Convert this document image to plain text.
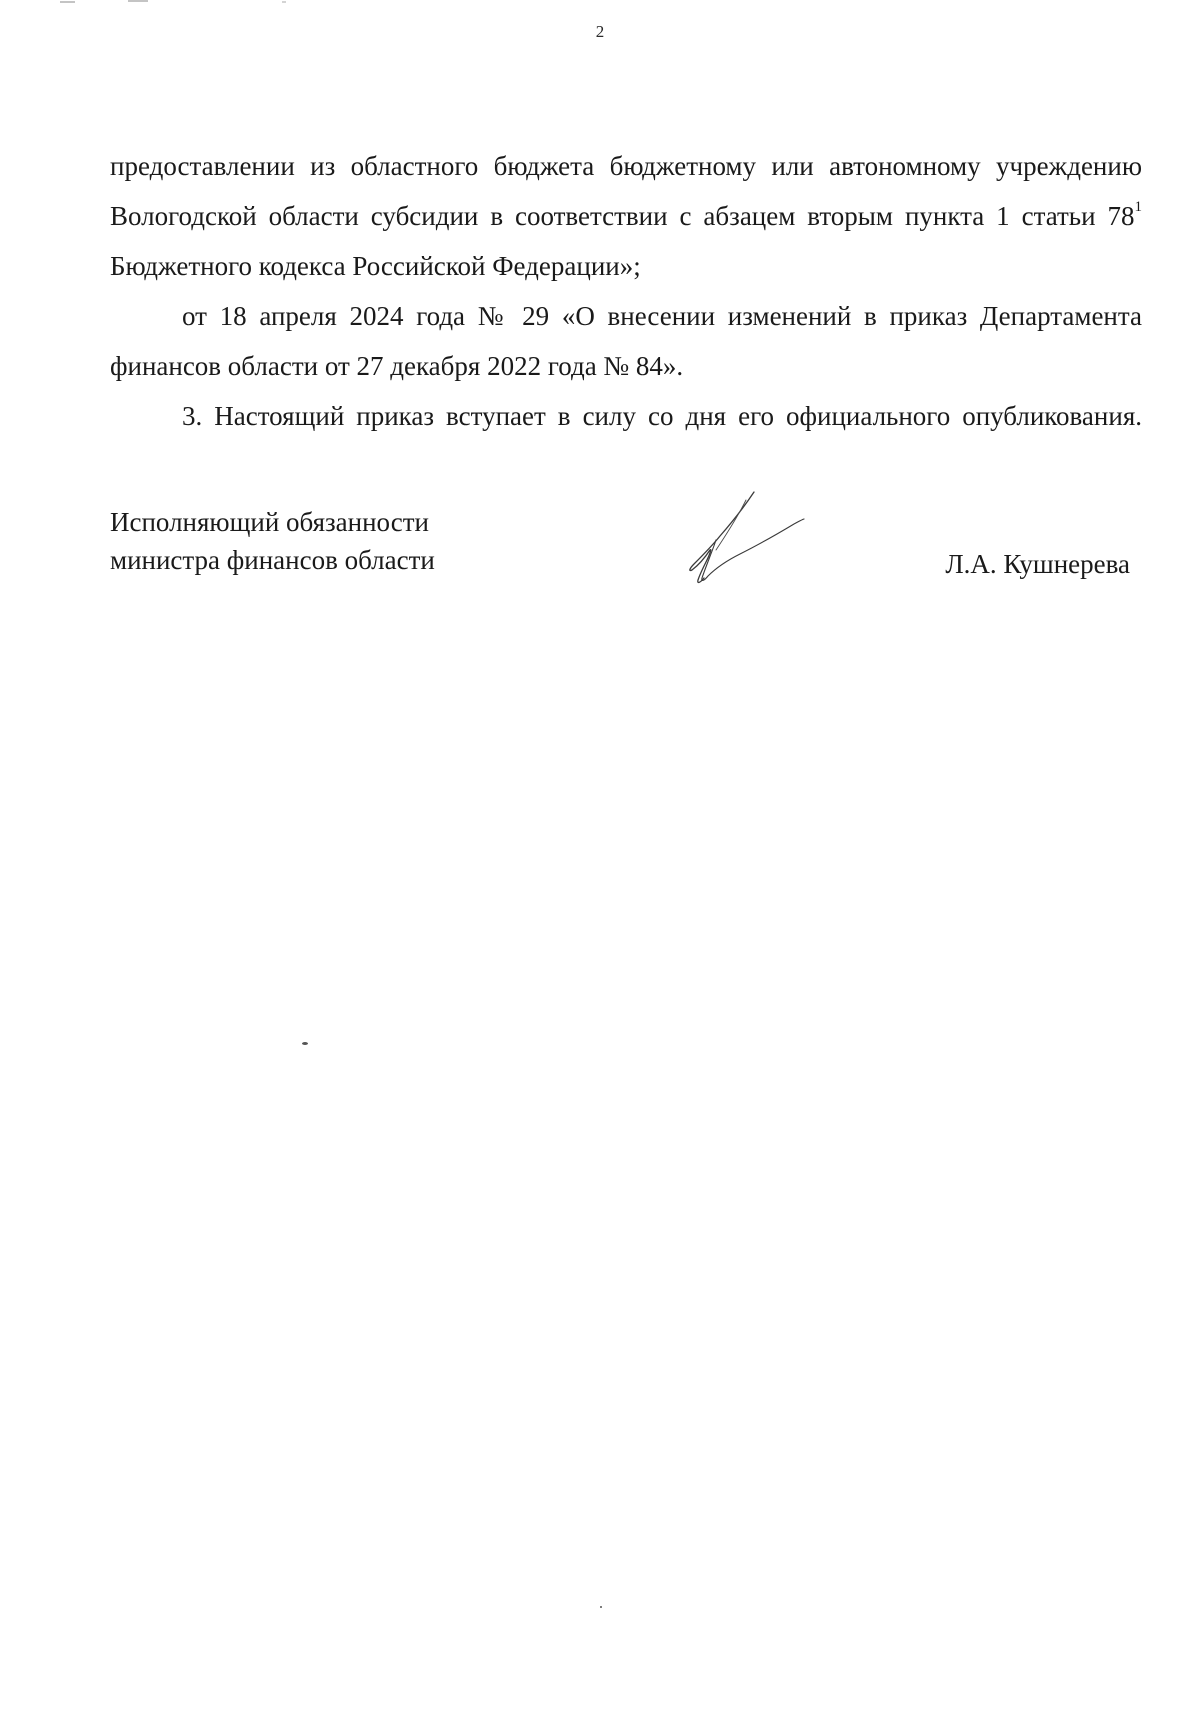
2

предоставлении из областного бюджета бюджетному или автономному учреждению
Вологодской области субсидии в соответствии с абзацем вторым пункта 1 статьи 78$^1$
Бюджетного кодекса Российской Федерации»;

от 18 апреля 2024 года № 29 «О внесении изменений в приказ Департамента
финансов области от 27 декабря 2022 года № 84».

3. Настоящий приказ вступает в силу со дня его официального опубликования.

Исполняющий обязанности
министра финансов области	Л.А. Кушнерева
